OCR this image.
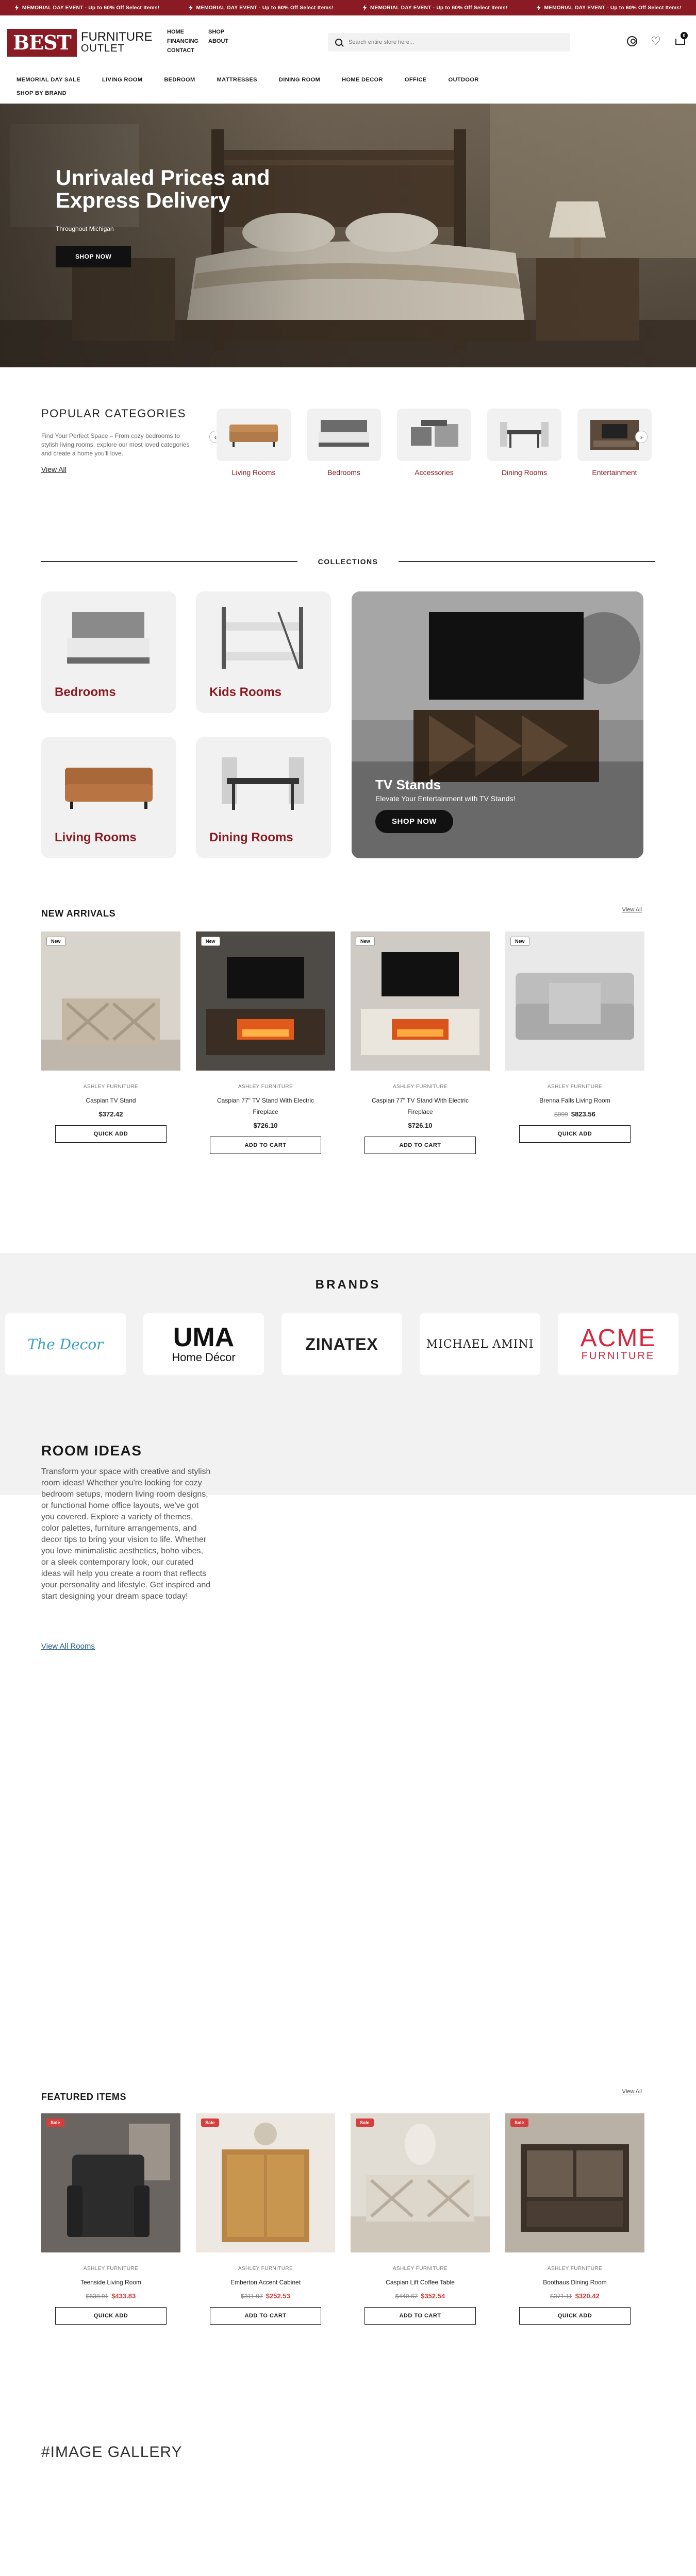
MEMORIAL DAY EVENT - Up to 60% Off Select Items!	MEMORIAL DAY EVENT - Up to 60% Off Select Items!	MEMORIAL DAY EVENT - Up to 60% Off Select Items!	MEMORIAL DAY EVENT - Up to 60% Off Select Items!
BEST FURNITURE
OUTLET
HOME	SHOP
FINANCING	ABOUT
CONTACT
Search entire store here...
♡	0
MEMORIAL DAY SALE	LIVING ROOM	BEDROOM	MATTRESSES	DINING ROOM	HOME DECOR	OFFICE	OUTDOOR
SHOP BY BRAND
Unrivaled Prices and Express Delivery
Throughout Michigan
SHOP NOW
POPULAR CATEGORIES
Find Your Perfect Space – From cozy bedrooms to stylish living rooms, explore our most loved categories and create a home you'll love.
View All
‹
Living Rooms	Bedrooms	Accessories	Dining Rooms	Entertainment
›
COLLECTIONS
Bedrooms	Kids Rooms
Living Rooms	Dining Rooms
TV Stands
Elevate Your Entertainment with TV Stands!
SHOP NOW
NEW ARRIVALS	View All
New
ASHLEY FURNITURE
Caspian TV Stand
$372.42
QUICK ADD
New
ASHLEY FURNITURE
Caspian 77" TV Stand With Electric Fireplace
$726.10
ADD TO CART
New
ASHLEY FURNITURE
Caspian 77" TV Stand With Electric Fireplace
$726.10
ADD TO CART
New
ASHLEY FURNITURE
Brenna Falls Living Room
$999 $823.56
QUICK ADD
BRANDS
The Decor	UMA
Home Décor
ZINATEX	MICHAEL AMINI ACME
FURNITURE
ROOM IDEAS
Transform your space with creative and stylish room ideas! Whether you're looking for cozy bedroom setups, modern living room designs, or functional home office layouts, we've got you covered. Explore a variety of themes, color palettes, furniture arrangements, and decor tips to bring your vision to life. Whether you love minimalistic aesthetics, boho vibes, or a sleek contemporary look, our curated ideas will help you create a room that reflects your personality and lifestyle. Get inspired and start designing your dream space today!
View All Rooms
FEATURED ITEMS	View All
Sale
ASHLEY FURNITURE
Teenside Living Room
$638.91 $433.83
QUICK ADD
Sale
ASHLEY FURNITURE
Emberton Accent Cabinet
$311.97 $252.53
ADD TO CART
Sale
ASHLEY FURNITURE
Caspian Lift Coffee Table
$440.67 $352.54
ADD TO CART
Sale
ASHLEY FURNITURE
Boothaus Dining Room
$371.11 $320.42
QUICK ADD
#IMAGE GALLERY
